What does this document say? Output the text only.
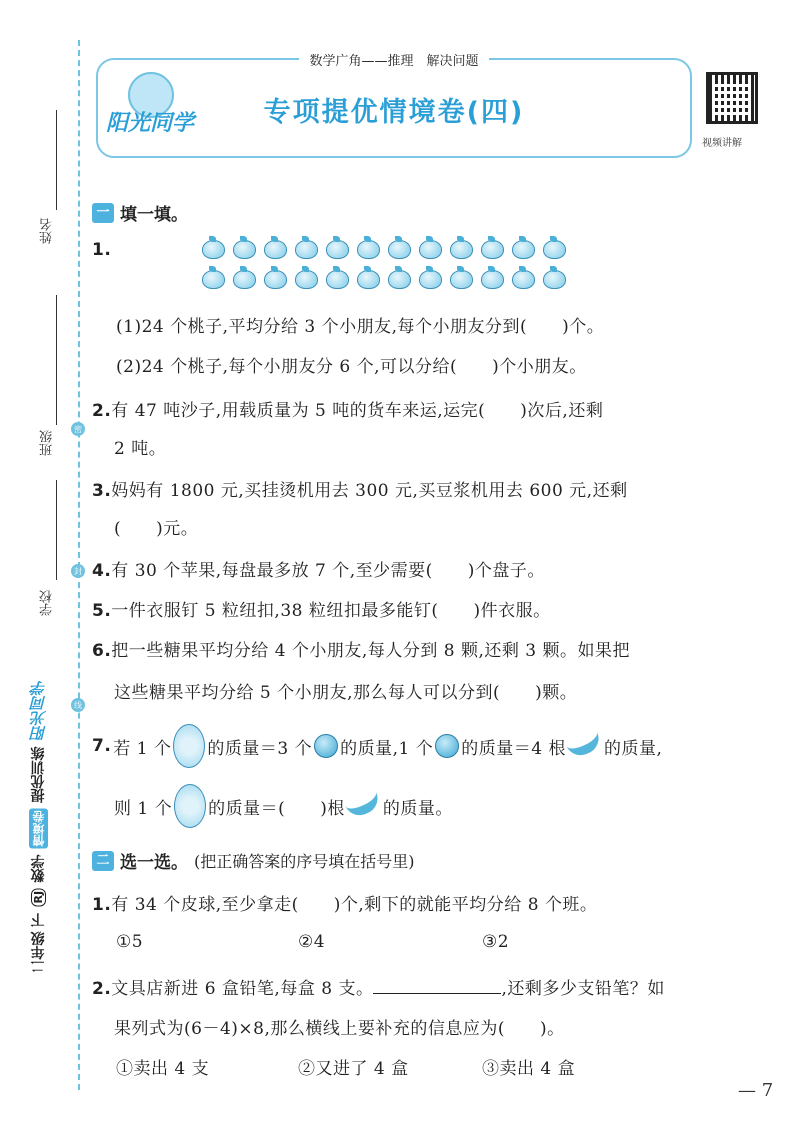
姓名
班级
学校
密
封
线
二年级 下
RJ
数学
情境卷
提优训练
阳光同学
阳光同学
数学广角——推理　解决问题
专项提优情境卷(四)
视频讲解
一 填一填。
1.
(1)24 个桃子,平均分给 3 个小朋友,每个小朋友分到(　　)个。
(2)24 个桃子,每个小朋友分 6 个,可以分给(　　)个小朋友。
2.有 47 吨沙子,用载质量为 5 吨的货车来运,运完(　　)次后,还剩
2 吨。
3.妈妈有 1800 元,买挂烫机用去 300 元,买豆浆机用去 600 元,还剩
(　　)元。
4.有 30 个苹果,每盘最多放 7 个,至少需要(　　)个盘子。
5.一件衣服钉 5 粒纽扣,38 粒纽扣最多能钉(　　)件衣服。
6.把一些糖果平均分给 4 个小朋友,每人分到 8 颗,还剩 3 颗。如果把
这些糖果平均分给 5 个小朋友,那么每人可以分到(　　)颗。
7. 若 1 个 的质量＝3 个 的质量,1 个 的质量＝4 根 的质量,
则 1 个 的质量＝(　　)根 的质量。
二 选一选。 (把正确答案的序号填在括号里)
1.有 34 个皮球,至少拿走(　　)个,剩下的就能平均分给 8 个班。
①5	②4	③2
2.文具店新进 6 盒铅笔,每盒 8 支。	,还剩多少支铅笔？如
果列式为(6－4)×8,那么横线上要补充的信息应为(　　)。
①卖出 4 支	②又进了 4 盒	③卖出 4 盒
— 7
